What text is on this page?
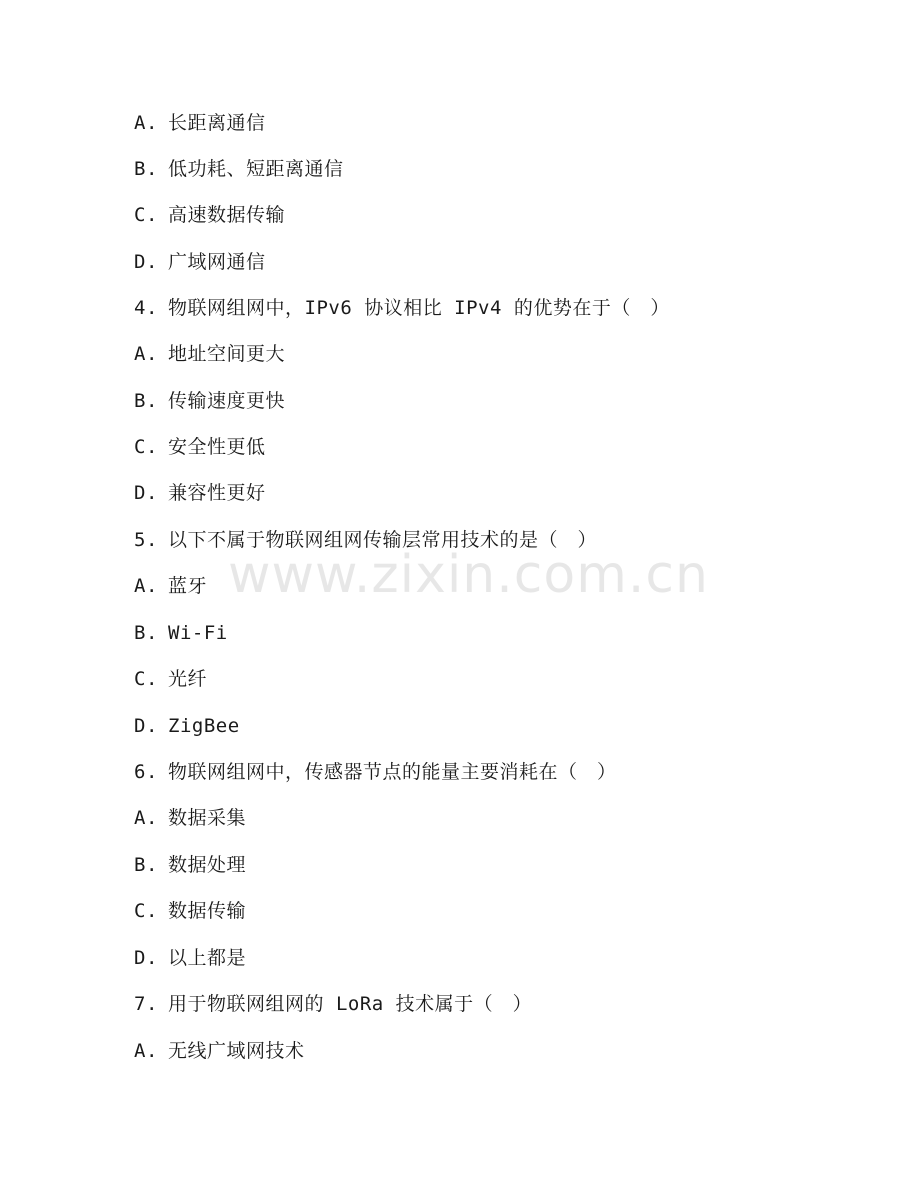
A. 长距离通信
B. 低功耗、短距离通信
C. 高速数据传输
D. 广域网通信
4. 物联网组网中，IPv6 协议相比 IPv4 的优势在于（　）
A. 地址空间更大
B. 传输速度更快
C. 安全性更低
D. 兼容性更好
5. 以下不属于物联网组网传输层常用技术的是（　）
A. 蓝牙
B. Wi-Fi
C. 光纤
D. ZigBee
6. 物联网组网中，传感器节点的能量主要消耗在（　）
A. 数据采集
B. 数据处理
C. 数据传输
D. 以上都是
7. 用于物联网组网的 LoRa 技术属于（　）
A. 无线广域网技术
www.zixin.com.cn
